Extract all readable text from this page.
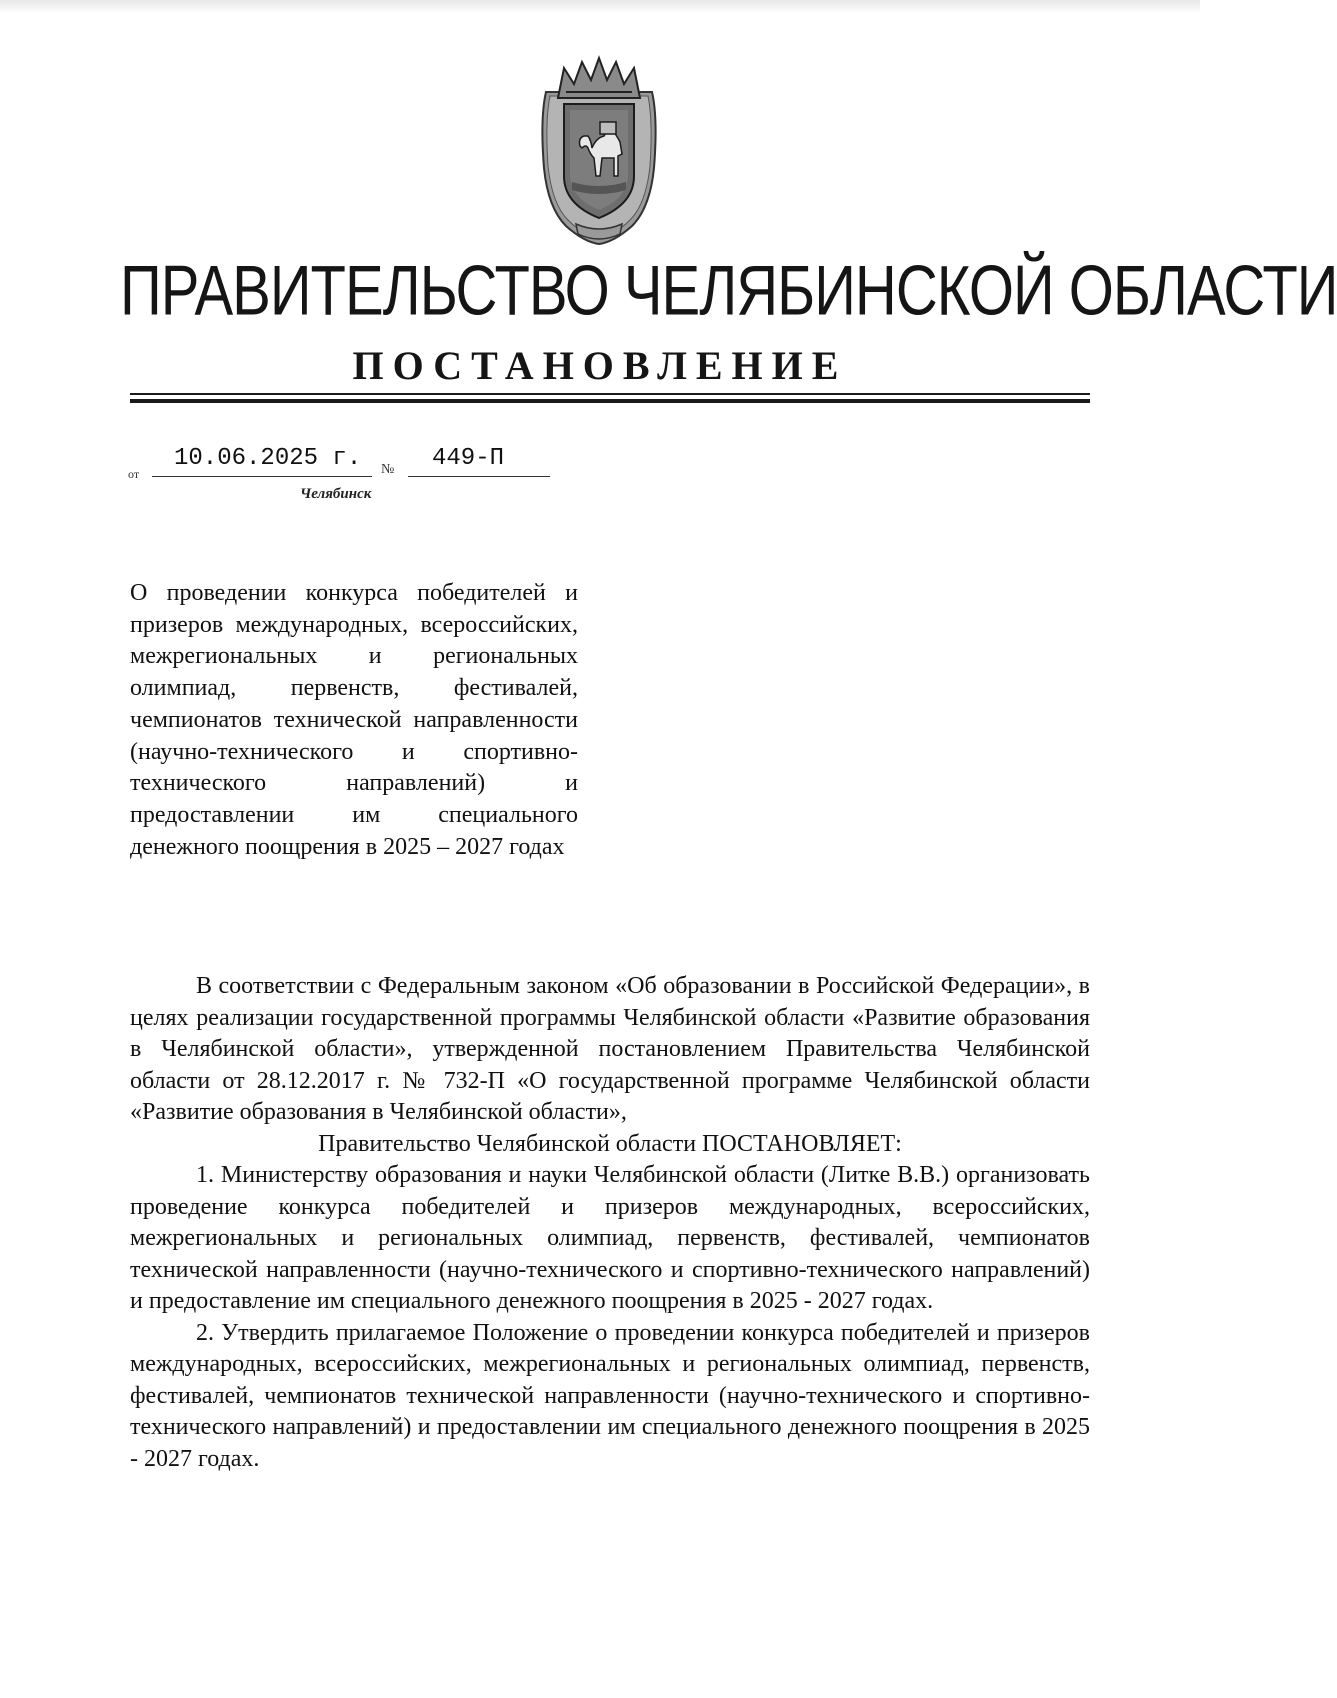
ПРАВИТЕЛЬСТВО ЧЕЛЯБИНСКОЙ ОБЛАСТИ
ПОСТАНОВЛЕНИЕ
от
10.06.2025 г.	№	449-П
Челябинск
О проведении конкурса победителей и призеров международных, всероссийских, межрегиональных и региональных олимпиад, первенств, фестивалей, чемпионатов технической направленности (научно-технического и спортивно-технического направлений) и предоставлении им специального денежного поощрения в 2025 – 2027 годах

В соответствии с Федеральным законом «Об образовании в Российской Федерации», в целях реализации государственной программы Челябинской области «Развитие образования в Челябинской области», утвержденной постановлением Правительства Челябинской области от 28.12.2017 г. № 732-П «О государственной программе Челябинской области «Развитие образования в Челябинской области»,

Правительство Челябинской области ПОСТАНОВЛЯЕТ:

1. Министерству образования и науки Челябинской области (Литке В.В.) организовать проведение конкурса победителей и призеров международных, всероссийских, межрегиональных и региональных олимпиад, первенств, фестивалей, чемпионатов технической направленности (научно-технического и спортивно-технического направлений) и предоставление им специального денежного поощрения в 2025 - 2027 годах.

2. Утвердить прилагаемое Положение о проведении конкурса победителей и призеров международных, всероссийских, межрегиональных и региональных олимпиад, первенств, фестивалей, чемпионатов технической направленности (научно-технического и спортивно-технического направлений) и предоставлении им специального денежного поощрения в 2025 - 2027 годах.
